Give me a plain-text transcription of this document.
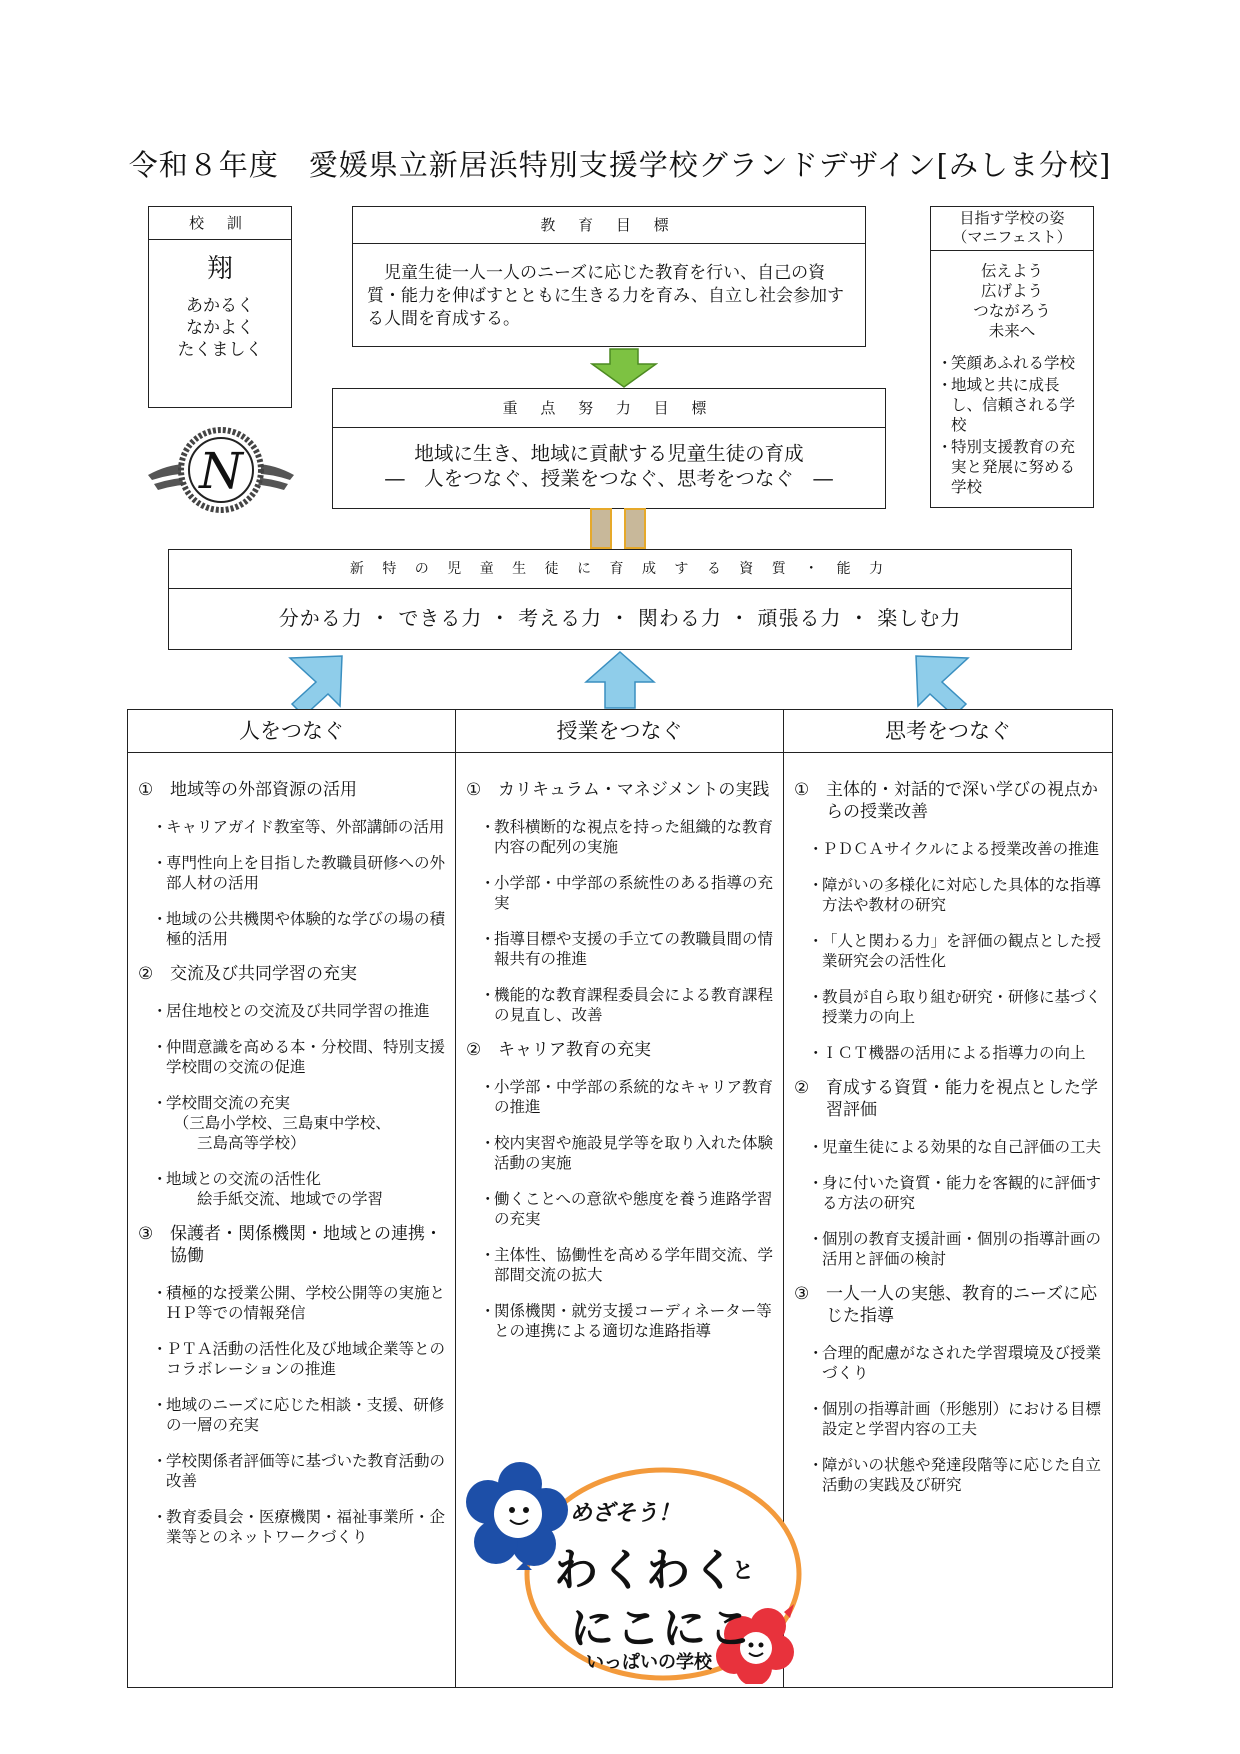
令和８年度　愛媛県立新居浜特別支援学校グランドデザイン[みしま分校]
校 訓
翔
あかるく
なかよく
たくましく
N
教 育 目 標
児童生徒一人一人のニーズに応じた教育を行い、自己の資質・能力を伸ばすとともに生きる力を育み、自立し社会参加する人間を育成する。
重 点 努 力 目 標
地域に生き、地域に貢献する児童生徒の育成
―　人をつなぐ、授業をつなぐ、思考をつなぐ　―
目指す学校の姿
（マニフェスト）
伝えよう
広げよう
つながろう
未来へ
・
笑顔あふれる学校
・
地域と共に成長し、信頼される学校
・
特別支援教育の充実と発展に努める学校
新 特 の 児 童 生 徒 に 育 成 す る 資 質 ・ 能 力
分かる力 ・ できる力 ・ 考える力 ・ 関わる力 ・ 頑張る力 ・ 楽しむ力
人をつなぐ
① 地域等の外部資源の活用
・
キャリアガイド教室等、外部講師の活用
・
専門性向上を目指した教職員研修への外部人材の活用
・
地域の公共機関や体験的な学びの場の積極的活用
② 交流及び共同学習の充実
・
居住地校との交流及び共同学習の推進
・
仲間意識を高める本・分校間、特別支援学校間の交流の促進
・
学校間交流の充実
　（三島小学校、三島東中学校、
　　三島高等学校）
・
地域との交流の活性化
　　絵手紙交流、地域での学習
③ 保護者・関係機関・地域との連携・協働
・
積極的な授業公開、学校公開等の実施とＨＰ等での情報発信
・
ＰＴＡ活動の活性化及び地域企業等とのコラボレーションの推進
・
地域のニーズに応じた相談・支援、研修の一層の充実
・
学校関係者評価等に基づいた教育活動の改善
・
教育委員会・医療機関・福祉事業所・企業等とのネットワークづくり
授業をつなぐ
① カリキュラム・マネジメントの実践
・
教科横断的な視点を持った組織的な教育内容の配列の実施
・
小学部・中学部の系統性のある指導の充実
・
指導目標や支援の手立ての教職員間の情報共有の推進
・
機能的な教育課程委員会による教育課程の見直し、改善
② キャリア教育の充実
・
小学部・中学部の系統的なキャリア教育の推進
・
校内実習や施設見学等を取り入れた体験活動の実施
・
働くことへの意欲や態度を養う進路学習の充実
・
主体性、協働性を高める学年間交流、学部間交流の拡大
・
関係機関・就労支援コーディネーター等との連携による適切な進路指導
思考をつなぐ
① 主体的・対話的で深い学びの視点からの授業改善
・
ＰＤＣＡサイクルによる授業改善の推進
・
障がいの多様化に対応した具体的な指導方法や教材の研究
・
「人と関わる力」を評価の観点とした授業研究会の活性化
・
教員が自ら取り組む研究・研修に基づく授業力の向上
・
ＩＣＴ機器の活用による指導力の向上
② 育成する資質・能力を視点とした学習評価
・
児童生徒による効果的な自己評価の工夫
・
身に付いた資質・能力を客観的に評価する方法の研究
・
個別の教育支援計画・個別の指導計画の活用と評価の検討
③ 一人一人の実態、教育的ニーズに応じた指導
・
合理的配慮がなされた学習環境及び授業づくり
・
個別の指導計画（形態別）における目標設定と学習内容の工夫
・
障がいの状態や発達段階等に応じた自立活動の実践及び研究
めざそう！
わくわく
と
にこにこ
いっぱいの学校
